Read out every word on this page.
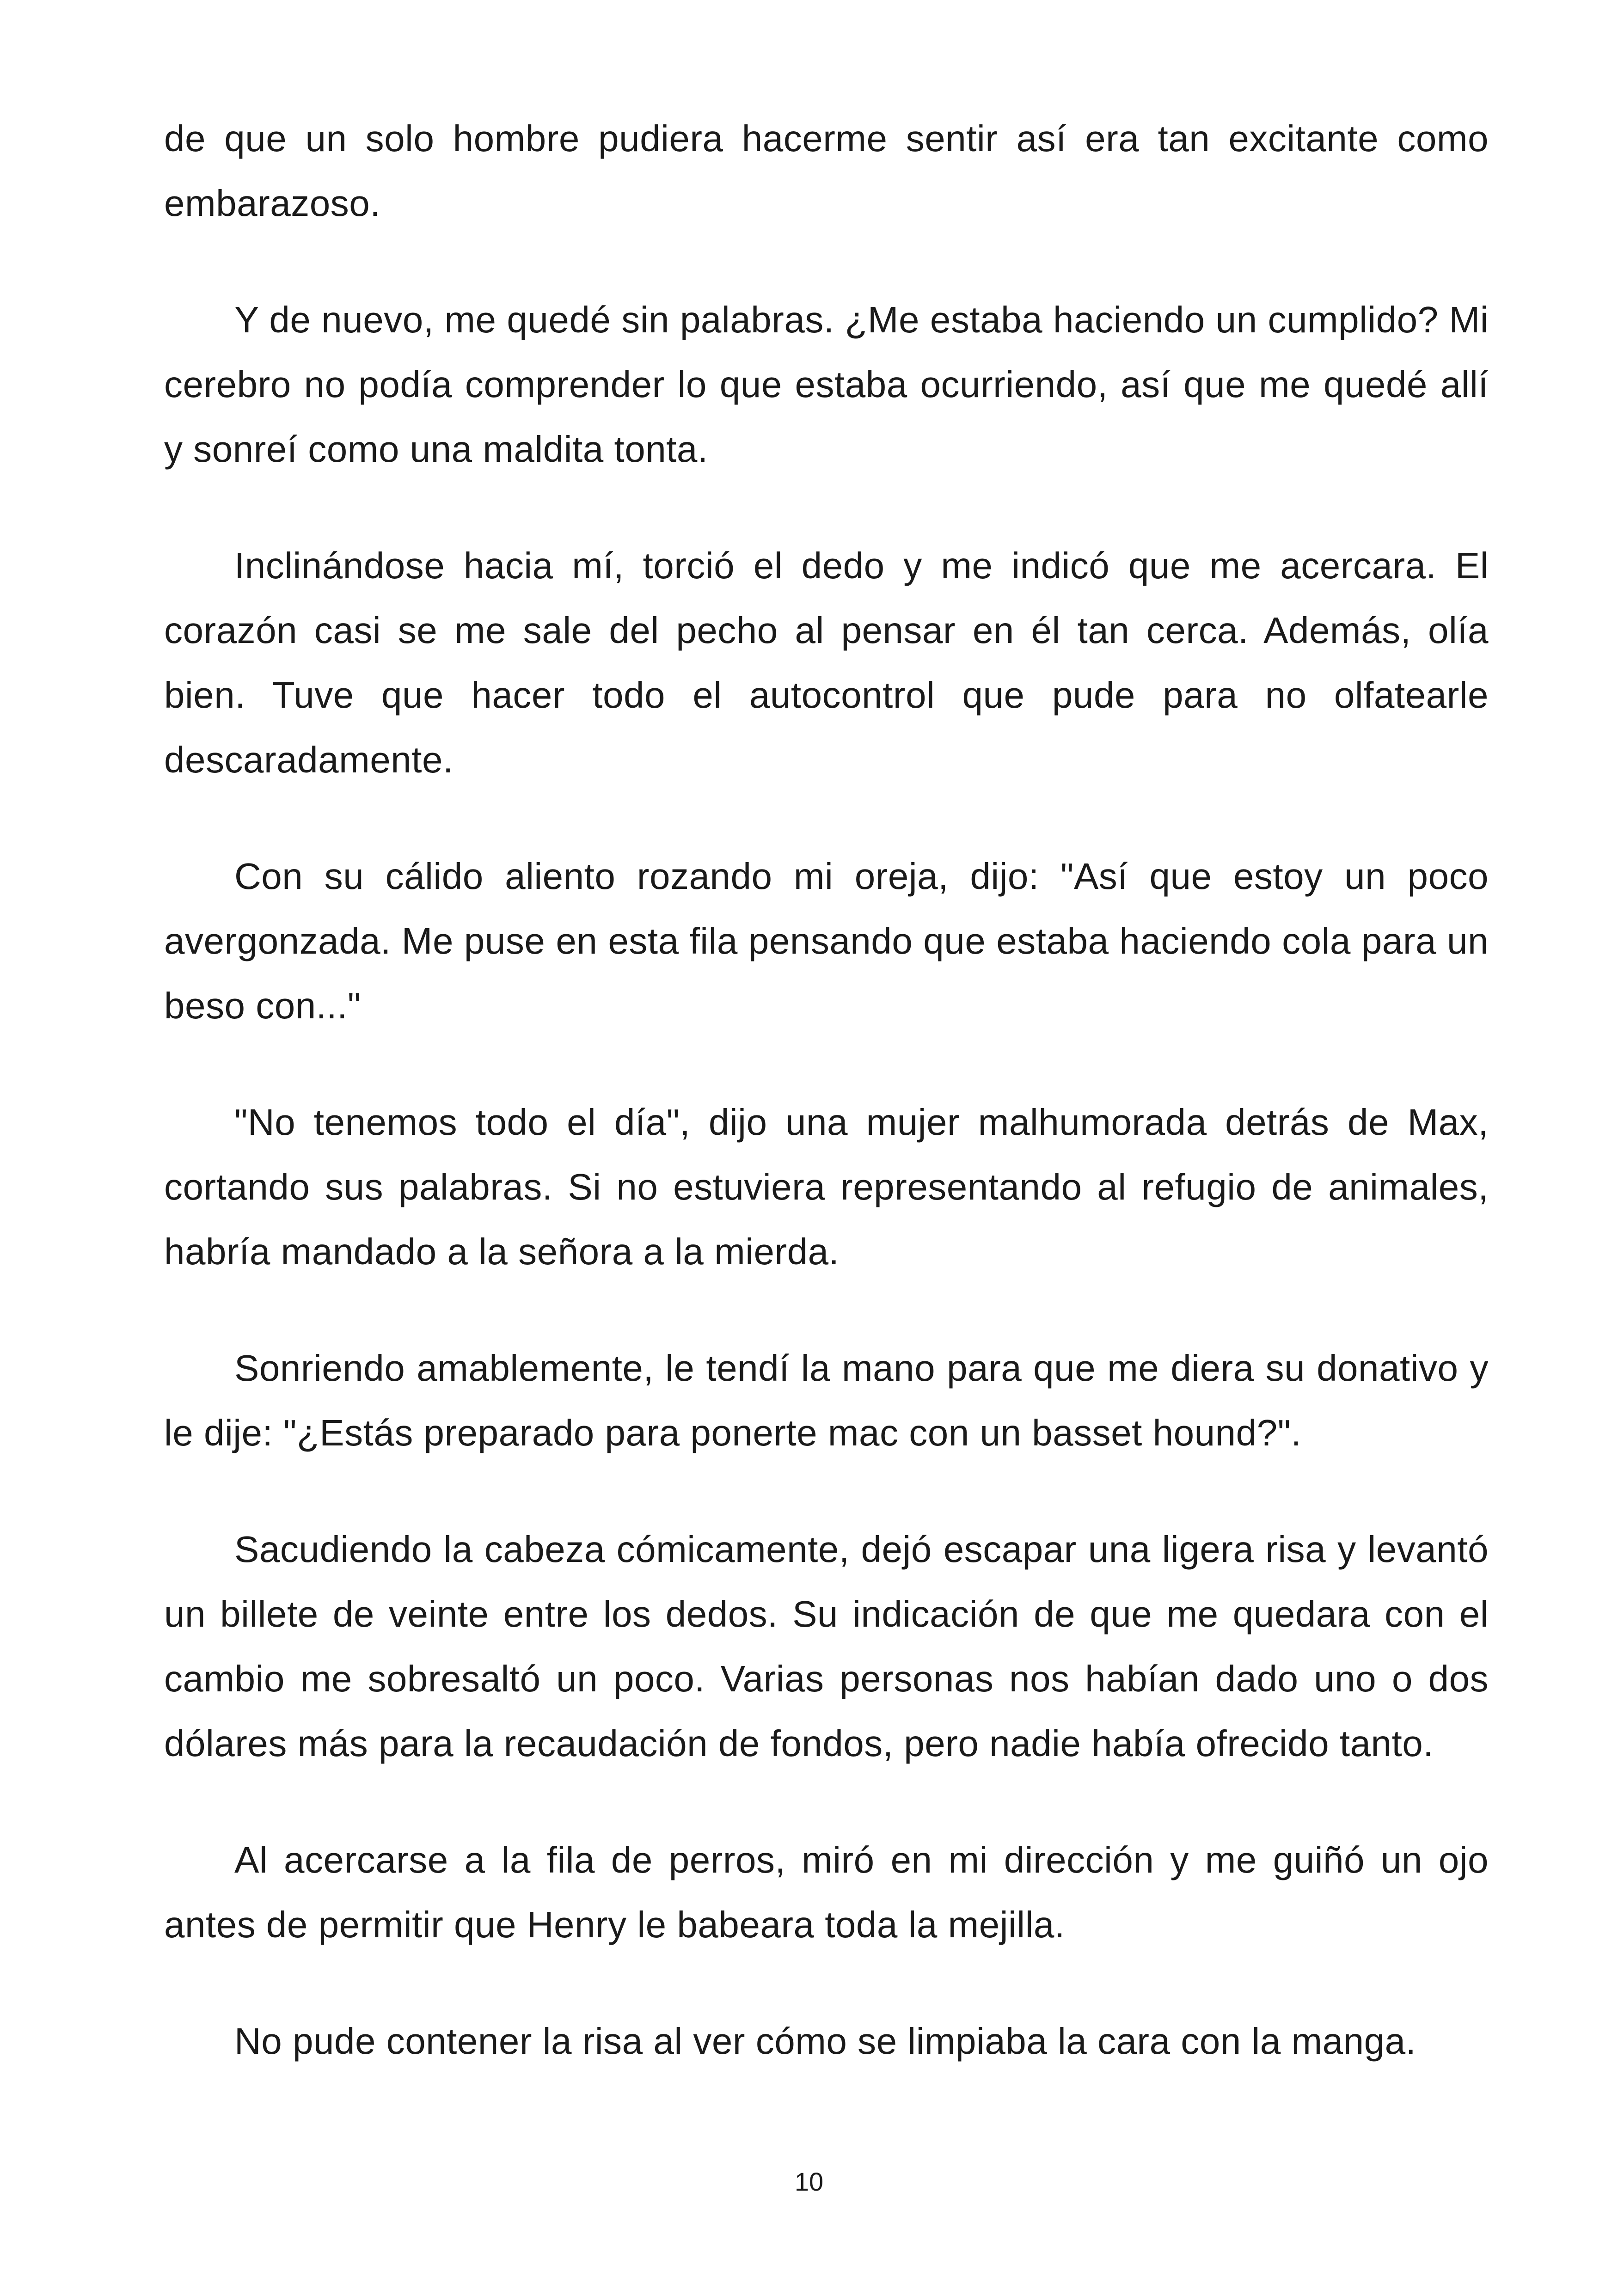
de que un solo hombre pudiera hacerme sentir así era tan excitante como embarazoso.

Y de nuevo, me quedé sin palabras. ¿Me estaba haciendo un cumplido? Mi cerebro no podía comprender lo que estaba ocurriendo, así que me quedé allí y sonreí como una maldita tonta.

Inclinándose hacia mí, torció el dedo y me indicó que me acercara. El corazón casi se me sale del pecho al pensar en él tan cerca. Además, olía bien. Tuve que hacer todo el autocontrol que pude para no olfatearle descaradamente.

Con su cálido aliento rozando mi oreja, dijo: "Así que estoy un poco avergonzada. Me puse en esta fila pensando que estaba haciendo cola para un beso con..."

"No tenemos todo el día", dijo una mujer malhumorada detrás de Max, cortando sus palabras. Si no estuviera representando al refugio de animales, habría mandado a la señora a la mierda.

Sonriendo amablemente, le tendí la mano para que me diera su donativo y le dije: "¿Estás preparado para ponerte mac con un basset hound?".

Sacudiendo la cabeza cómicamente, dejó escapar una ligera risa y levantó un billete de veinte entre los dedos. Su indicación de que me quedara con el cambio me sobresaltó un poco. Varias personas nos habían dado uno o dos dólares más para la recaudación de fondos, pero nadie había ofrecido tanto.

Al acercarse a la fila de perros, miró en mi dirección y me guiñó un ojo antes de permitir que Henry le babeara toda la mejilla.

No pude contener la risa al ver cómo se limpiaba la cara con la manga.

10
